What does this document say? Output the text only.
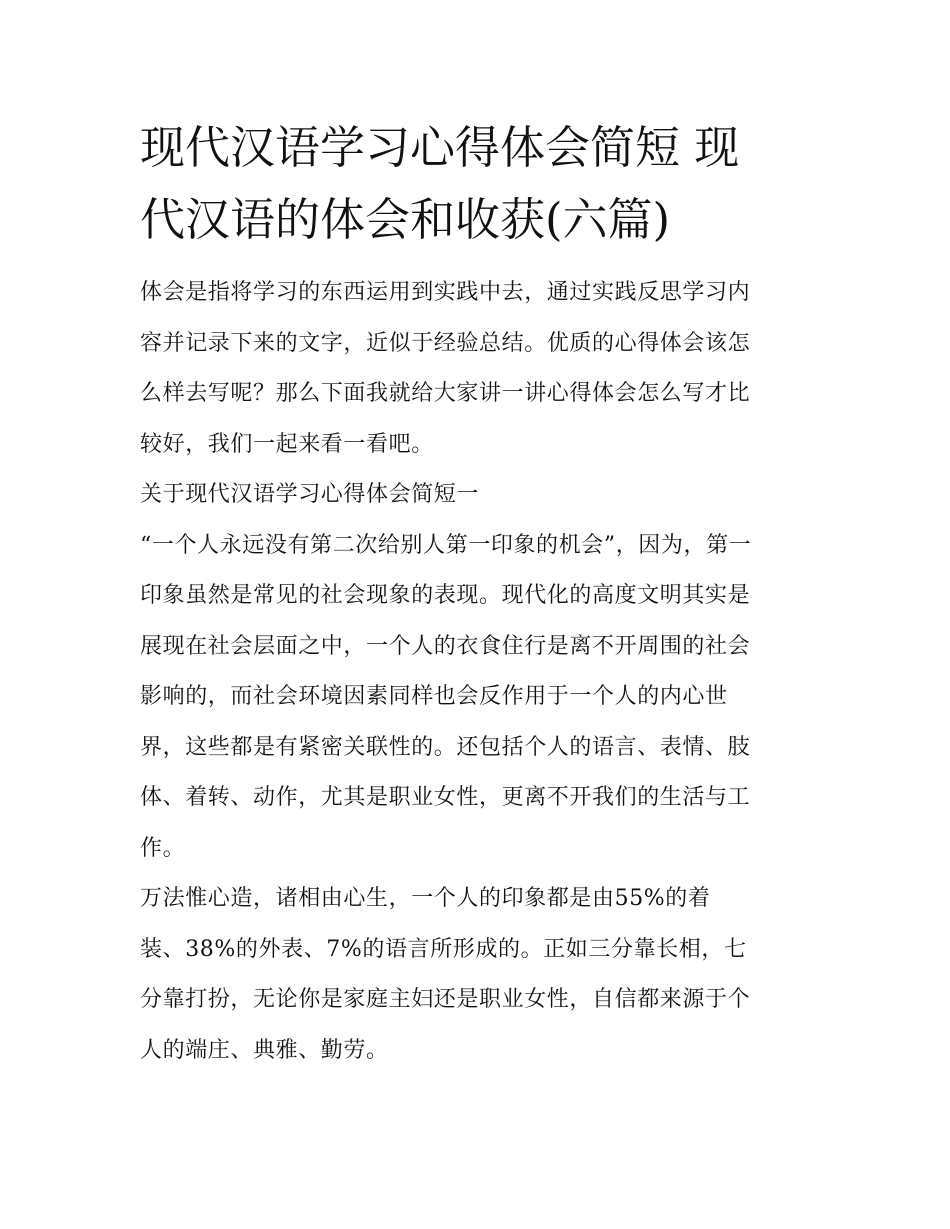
现代汉语学习心得体会简短 现
代汉语的体会和收获(六篇)

体会是指将学习的东西运用到实践中去，通过实践反思学习内
容并记录下来的文字，近似于经验总结。优质的心得体会该怎
么样去写呢？那么下面我就给大家讲一讲心得体会怎么写才比
较好，我们一起来看一看吧。

关于现代汉语学习心得体会简短一

“一个人永远没有第二次给别人第一印象的机会”，因为，第一
印象虽然是常见的社会现象的表现。现代化的高度文明其实是
展现在社会层面之中，一个人的衣食住行是离不开周围的社会
影响的，而社会环境因素同样也会反作用于一个人的内心世
界，这些都是有紧密关联性的。还包括个人的语言、表情、肢
体、着转、动作，尤其是职业女性，更离不开我们的生活与工
作。

万法惟心造，诸相由心生，一个人的印象都是由55%的着
装、38%的外表、7%的语言所形成的。正如三分靠长相，七
分靠打扮，无论你是家庭主妇还是职业女性，自信都来源于个
人的端庄、典雅、勤劳。
